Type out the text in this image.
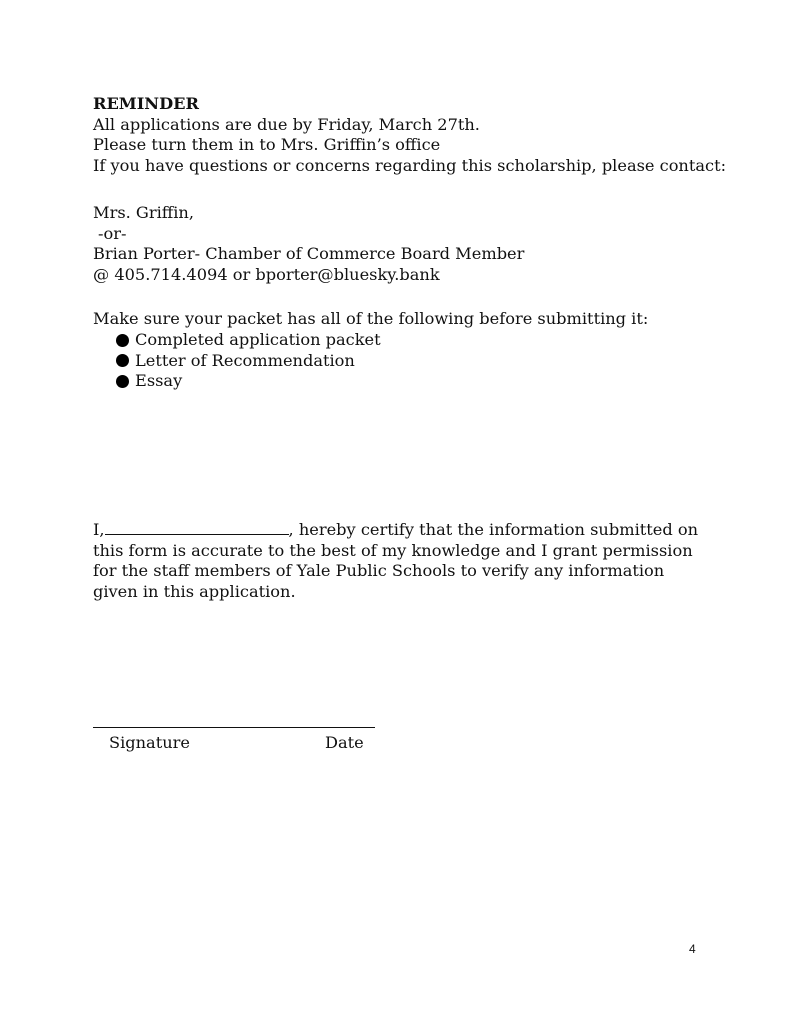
REMINDER
All applications are due by Friday, March 27th.
Please turn them in to Mrs. Griffin’s office
If you have questions or concerns regarding this scholarship, please contact:
Mrs. Griffin,
-or-
Brian Porter- Chamber of Commerce Board Member
@ 405.714.4094 or bporter@bluesky.bank
Make sure your packet has all of the following before submitting it:
Completed application packet
Letter of Recommendation
Essay
I,	, hereby certify that the information submitted on this form is accurate to the best of my knowledge and I grant permission for the staff members of Yale Public Schools to verify any information given in this application.
Signature	Date
4
